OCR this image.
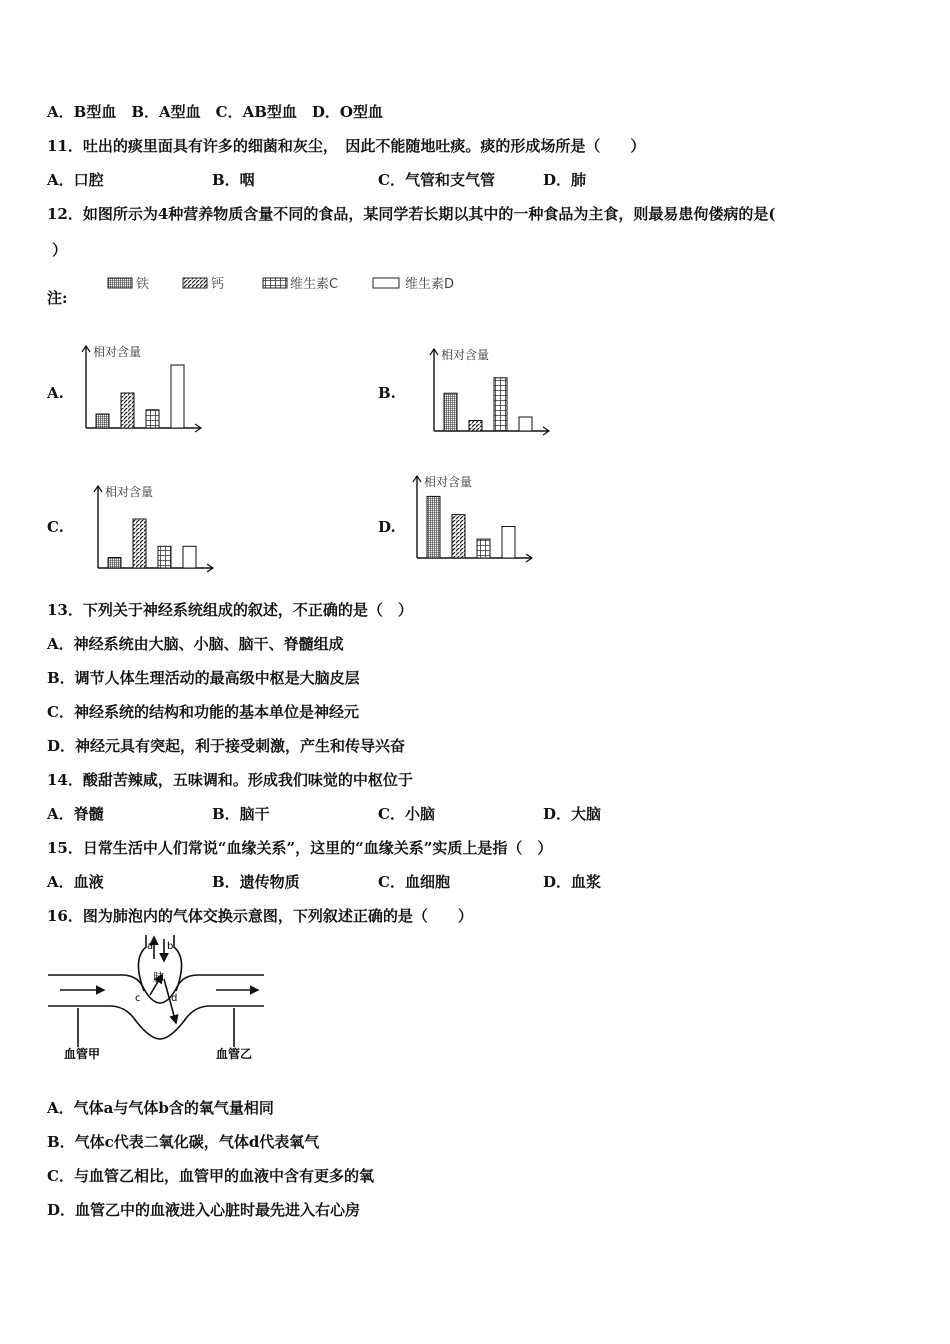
A．B型血　B．A型血　C．AB型血　D．O型血
11．吐出的痰里面具有许多的细菌和灰尘，　因此不能随地吐痰。痰的形成场所是（　　）
A．口腔	B．咽	C．气管和支气管	D．肺
12．如图所示为4种营养物质含量不同的食品，某同学若长期以其中的一种食品为主食，则最易患佝偻病的是(
）
注:
铁	钙	维生素C	维生素D
相对含量	相对含量
相对含量
相对含量
A.	B.
C.	D.
13．下列关于神经系统组成的叙述，不正确的是（　）
A．神经系统由大脑、小脑、脑干、脊髓组成
B．调节人体生理活动的最高级中枢是大脑皮层
C．神经系统的结构和功能的基本单位是神经元
D．神经元具有突起，利于接受刺激，产生和传导兴奋
14．酸甜苦辣咸，五味调和。形成我们味觉的中枢位于
A．脊髓	B．脑干	C．小脑	D．大脑
15．日常生活中人们常说“血缘关系”，这里的“血缘关系”实质上是指（　）
A．血液	B．遗传物质	C．血细胞	D．血浆
16．图为肺泡内的气体交换示意图，下列叙述正确的是（　　）
a b
肺
c	d
血管甲	血管乙
A．气体a与气体b含的氧气量相同
B．气体c代表二氧化碳，气体d代表氧气
C．与血管乙相比，血管甲的血液中含有更多的氧
D．血管乙中的血液进入心脏时最先进入右心房
